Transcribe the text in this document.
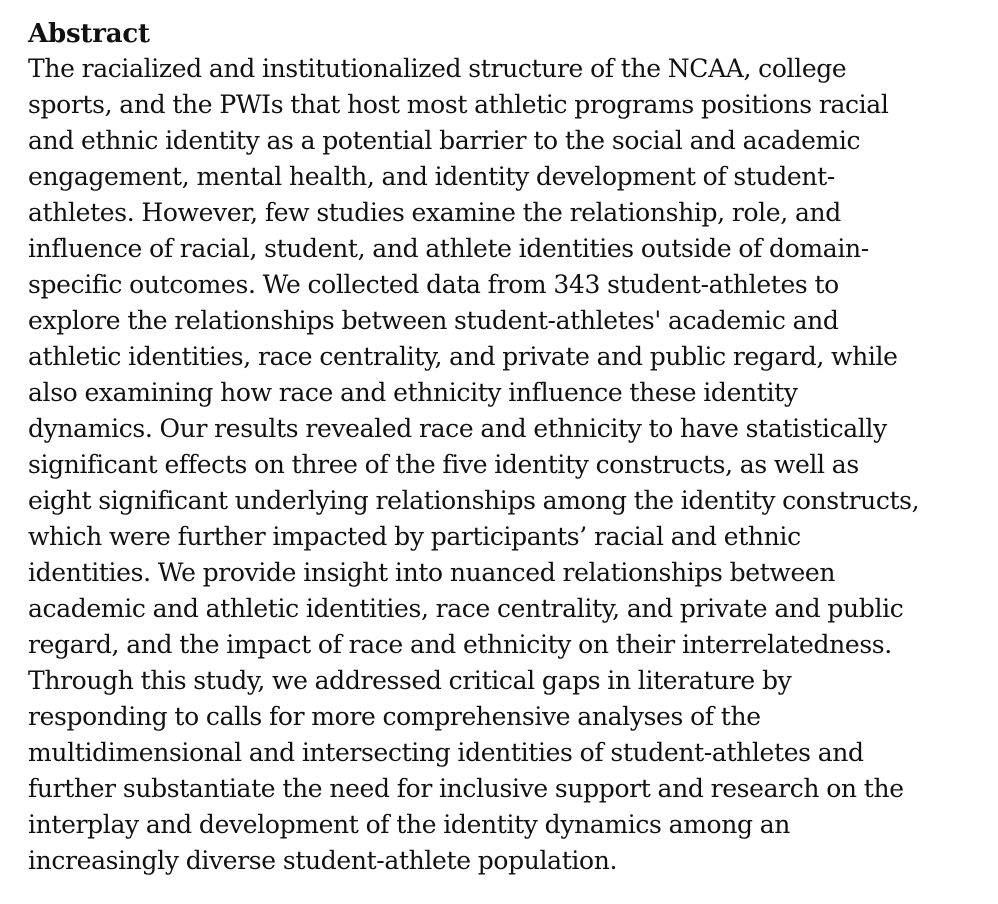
Abstract

The racialized and institutionalized structure of the NCAA, college
sports, and the PWIs that host most athletic programs positions racial
and ethnic identity as a potential barrier to the social and academic
engagement, mental health, and identity development of student-
athletes. However, few studies examine the relationship, role, and
influence of racial, student, and athlete identities outside of domain-
specific outcomes. We collected data from 343 student-athletes to
explore the relationships between student-athletes' academic and
athletic identities, race centrality, and private and public regard, while
also examining how race and ethnicity influence these identity
dynamics. Our results revealed race and ethnicity to have statistically
significant effects on three of the five identity constructs, as well as
eight significant underlying relationships among the identity constructs,
which were further impacted by participants’ racial and ethnic
identities. We provide insight into nuanced relationships between
academic and athletic identities, race centrality, and private and public
regard, and the impact of race and ethnicity on their interrelatedness.
Through this study, we addressed critical gaps in literature by
responding to calls for more comprehensive analyses of the
multidimensional and intersecting identities of student-athletes and
further substantiate the need for inclusive support and research on the
interplay and development of the identity dynamics among an
increasingly diverse student-athlete population.
